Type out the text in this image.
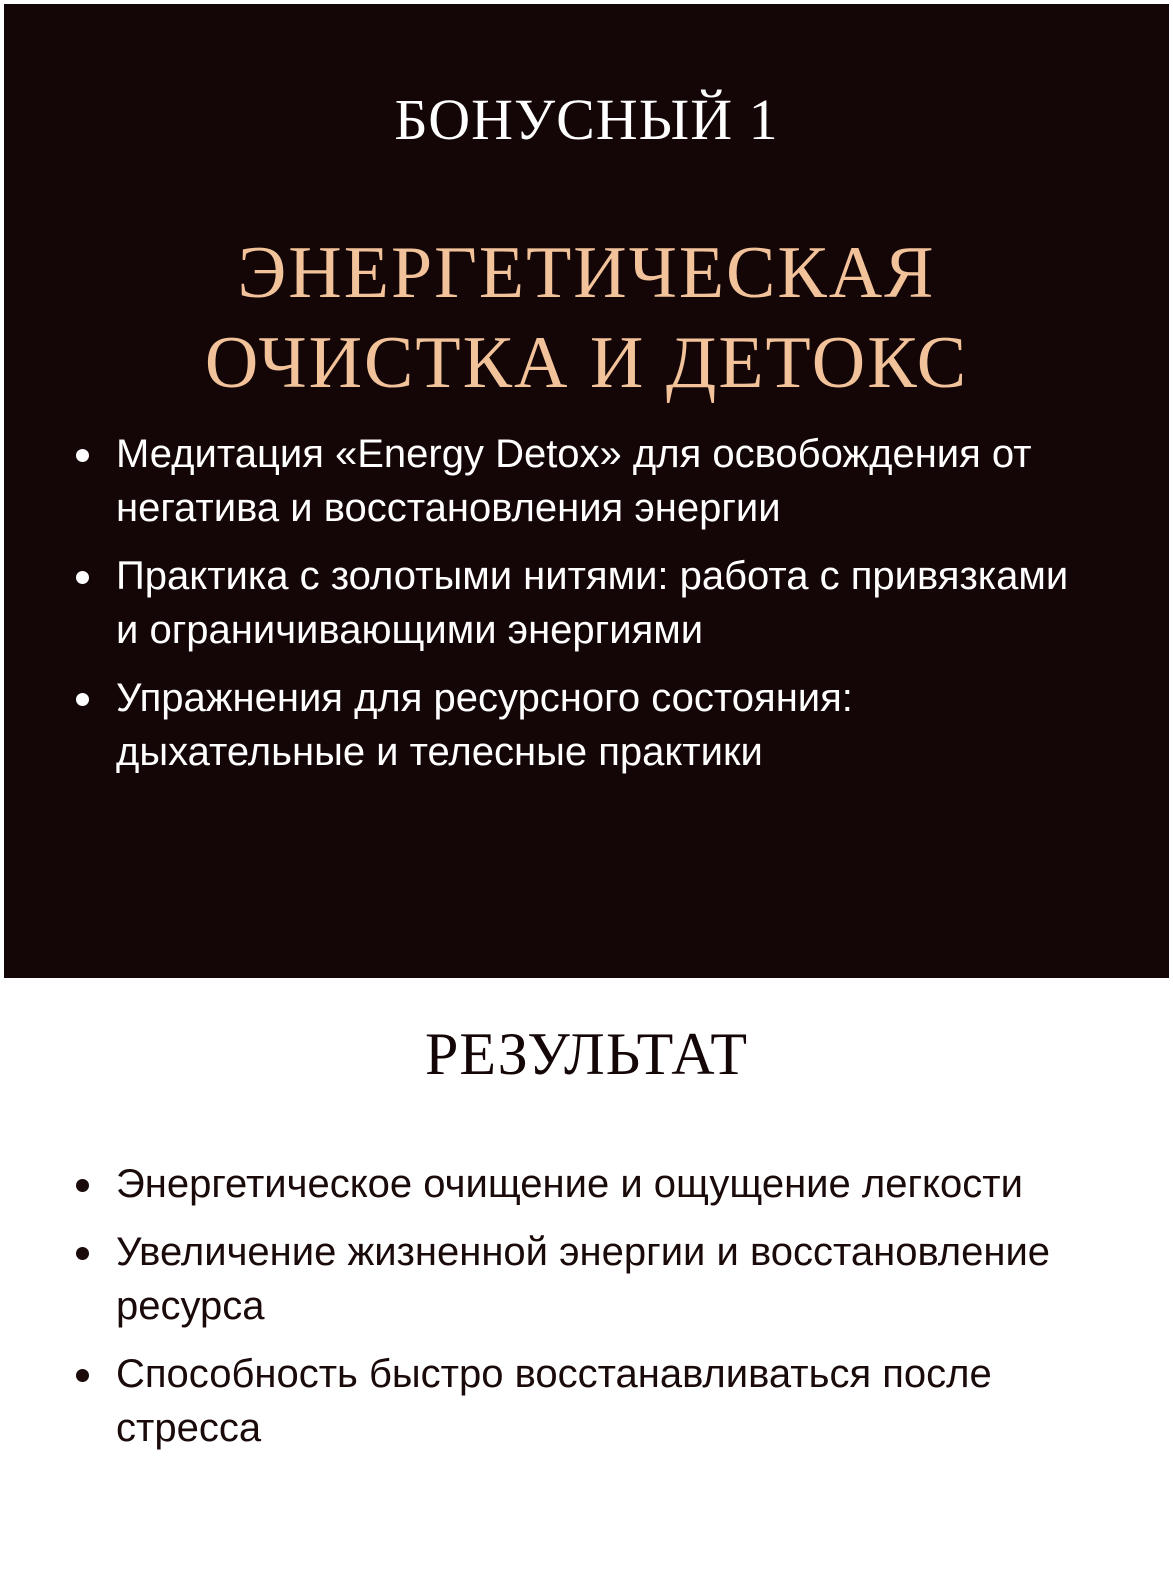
БОНУСНЫЙ 1
ЭНЕРГЕТИЧЕСКАЯ
ОЧИСТКА И ДЕТОКС
Медитация «Energy Detox» для освобождения от негатива и восстановления энергии
Практика с золотыми нитями: работа с привязками и ограничивающими энергиями
Упражнения для ресурсного состояния: дыхательные и телесные практики
РЕЗУЛЬТАТ
Энергетическое очищение и ощущение легкости
Увеличение жизненной энергии и восстановление ресурса
Способность быстро восстанавливаться после стресса
